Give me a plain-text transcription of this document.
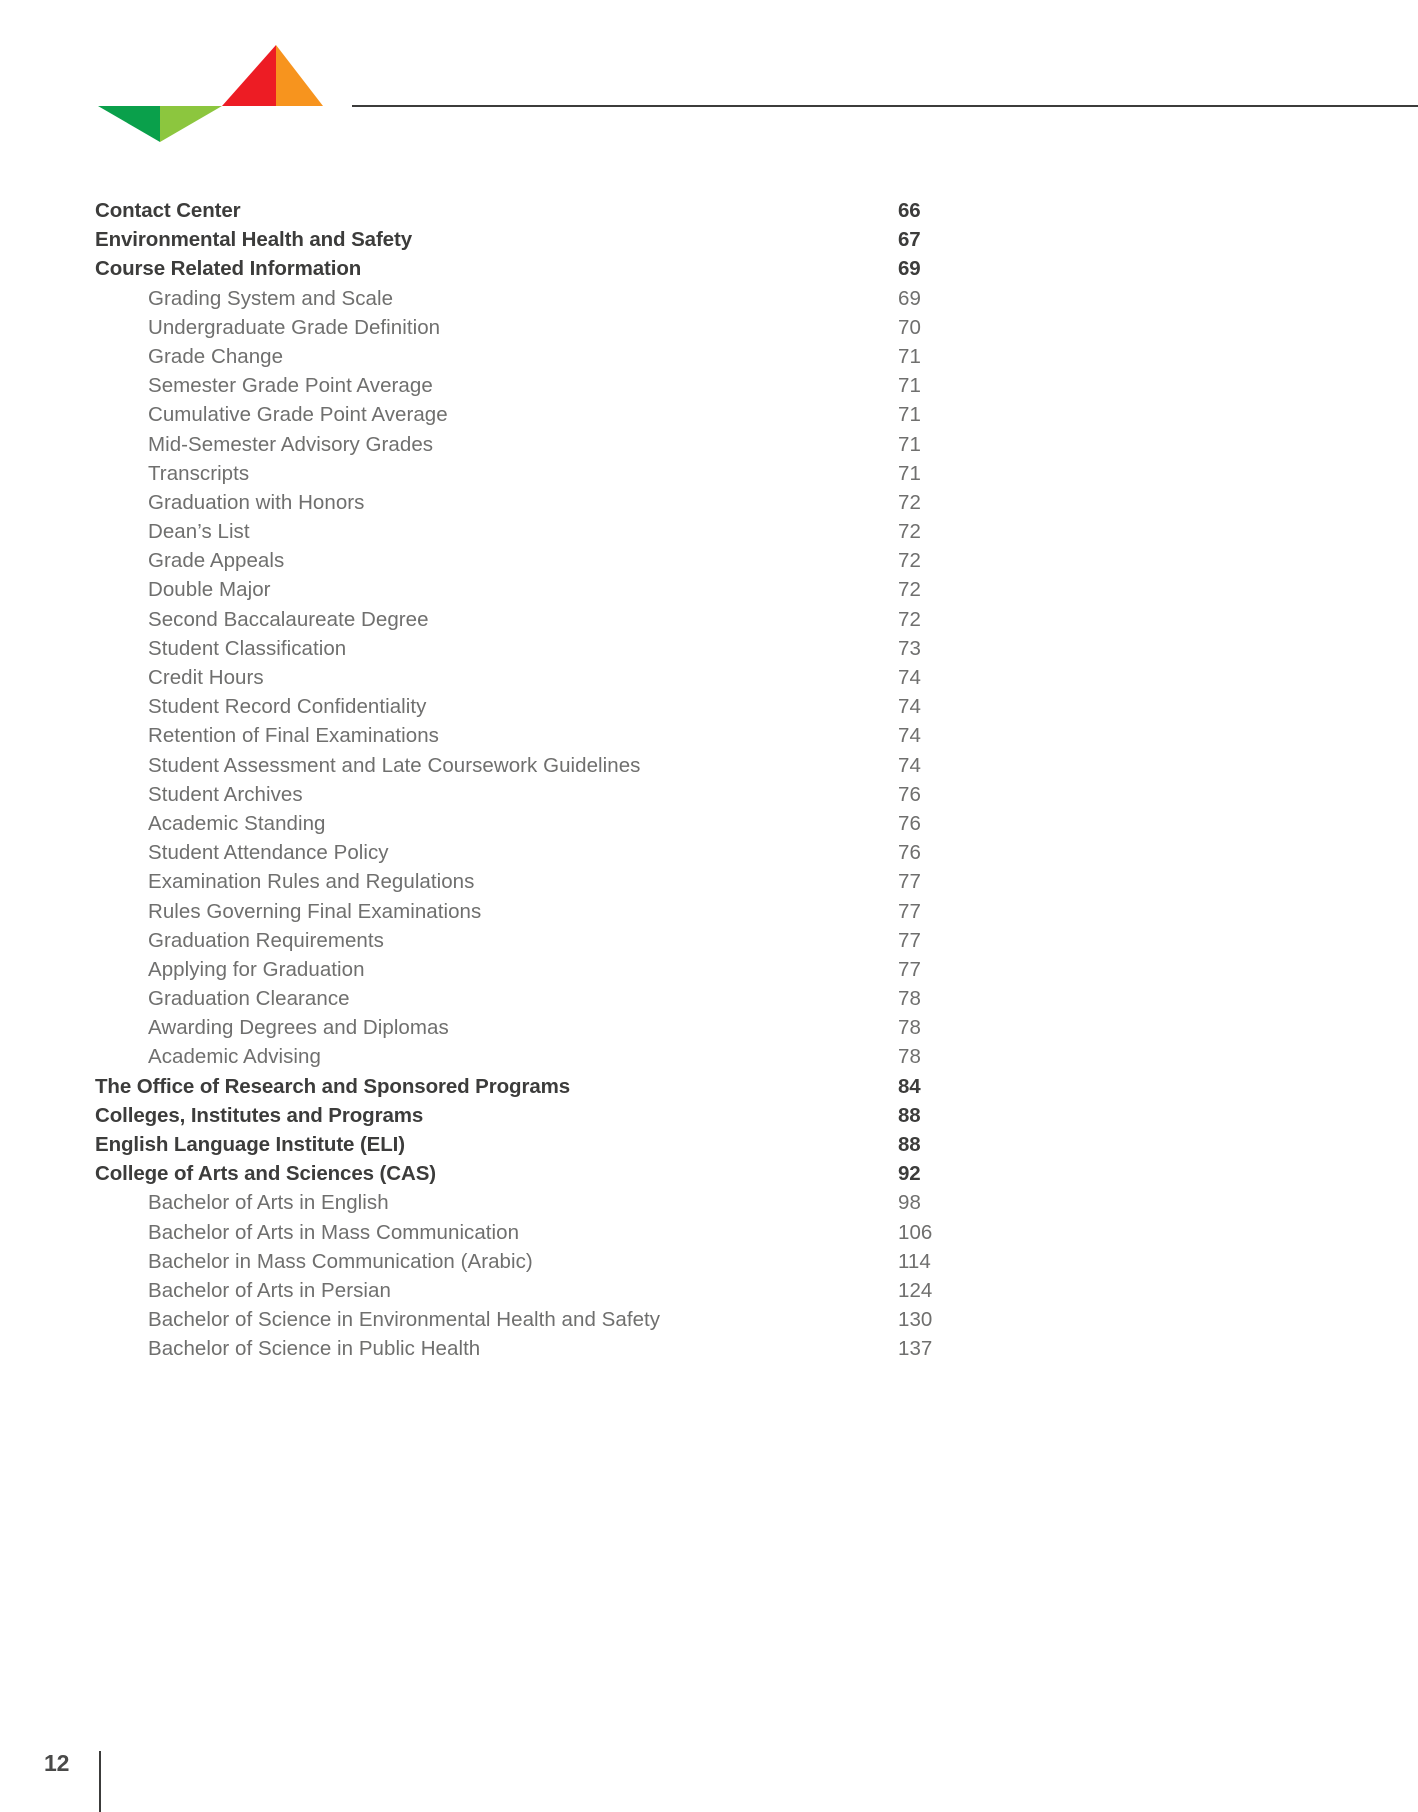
Contact Center	66
Environmental Health and Safety	67
Course Related Information	69
Grading System and Scale	69
Undergraduate Grade Definition	70
Grade Change	71
Semester Grade Point Average	71
Cumulative Grade Point Average	71
Mid-Semester Advisory Grades	71
Transcripts	71
Graduation with Honors	72
Dean’s List	72
Grade Appeals	72
Double Major	72
Second Baccalaureate Degree	72
Student Classification	73
Credit Hours	74
Student Record Confidentiality	74
Retention of Final Examinations	74
Student Assessment and Late Coursework Guidelines	74
Student Archives	76
Academic Standing	76
Student Attendance Policy	76
Examination Rules and Regulations	77
Rules Governing Final Examinations	77
Graduation Requirements	77
Applying for Graduation	77
Graduation Clearance	78
Awarding Degrees and Diplomas	78
Academic Advising	78
The Office of Research and Sponsored Programs	84
Colleges, Institutes and Programs	88
English Language Institute (ELI)	88
College of Arts and Sciences (CAS)	92
Bachelor of Arts in English	98
Bachelor of Arts in Mass Communication	106
Bachelor in Mass Communication (Arabic)	114
Bachelor of Arts in Persian	124
Bachelor of Science in Environmental Health and Safety	130
Bachelor of Science in Public Health	137
12
